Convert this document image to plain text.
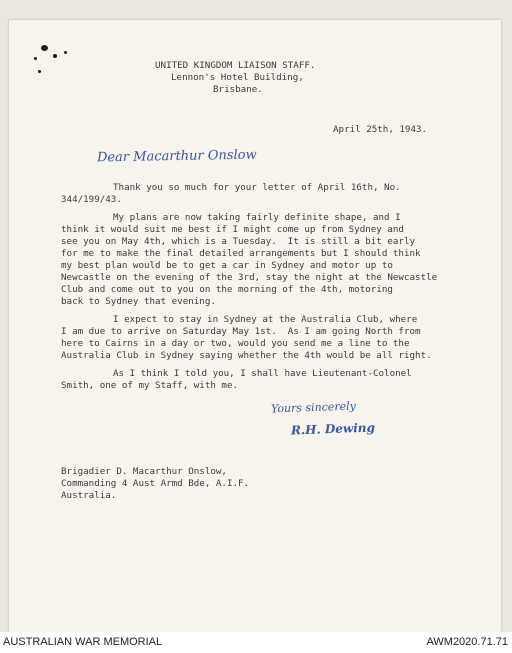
UNITED KINGDOM LIAISON STAFF.
Lennon's Hotel Building,
Brisbane.
April 25th, 1943.
Dear Macarthur Onslow
Thank you so much for your letter of April 16th, No.
344/199/43.
My plans are now taking fairly definite shape, and I
think it would suit me best if I might come up from Sydney and
see you on May 4th, which is a Tuesday.  It is still a bit early
for me to make the final detailed arrangements but I should think
my best plan would be to get a car in Sydney and motor up to
Newcastle on the evening of the 3rd, stay the night at the Newcastle
Club and come out to you on the morning of the 4th, motoring
back to Sydney that evening.
I expect to stay in Sydney at the Australia Club, where
I am due to arrive on Saturday May 1st.  As I am going North from
here to Cairns in a day or two, would you send me a line to the
Australia Club in Sydney saying whether the 4th would be all right.
As I think I told you, I shall have Lieutenant-Colonel
Smith, one of my Staff, with me.
Yours sincerely
R.H. Dewing
Brigadier D. Macarthur Onslow,
Commanding 4 Aust Armd Bde, A.I.F.
Australia.
AUSTRALIAN WAR MEMORIAL	AWM2020.71.71
